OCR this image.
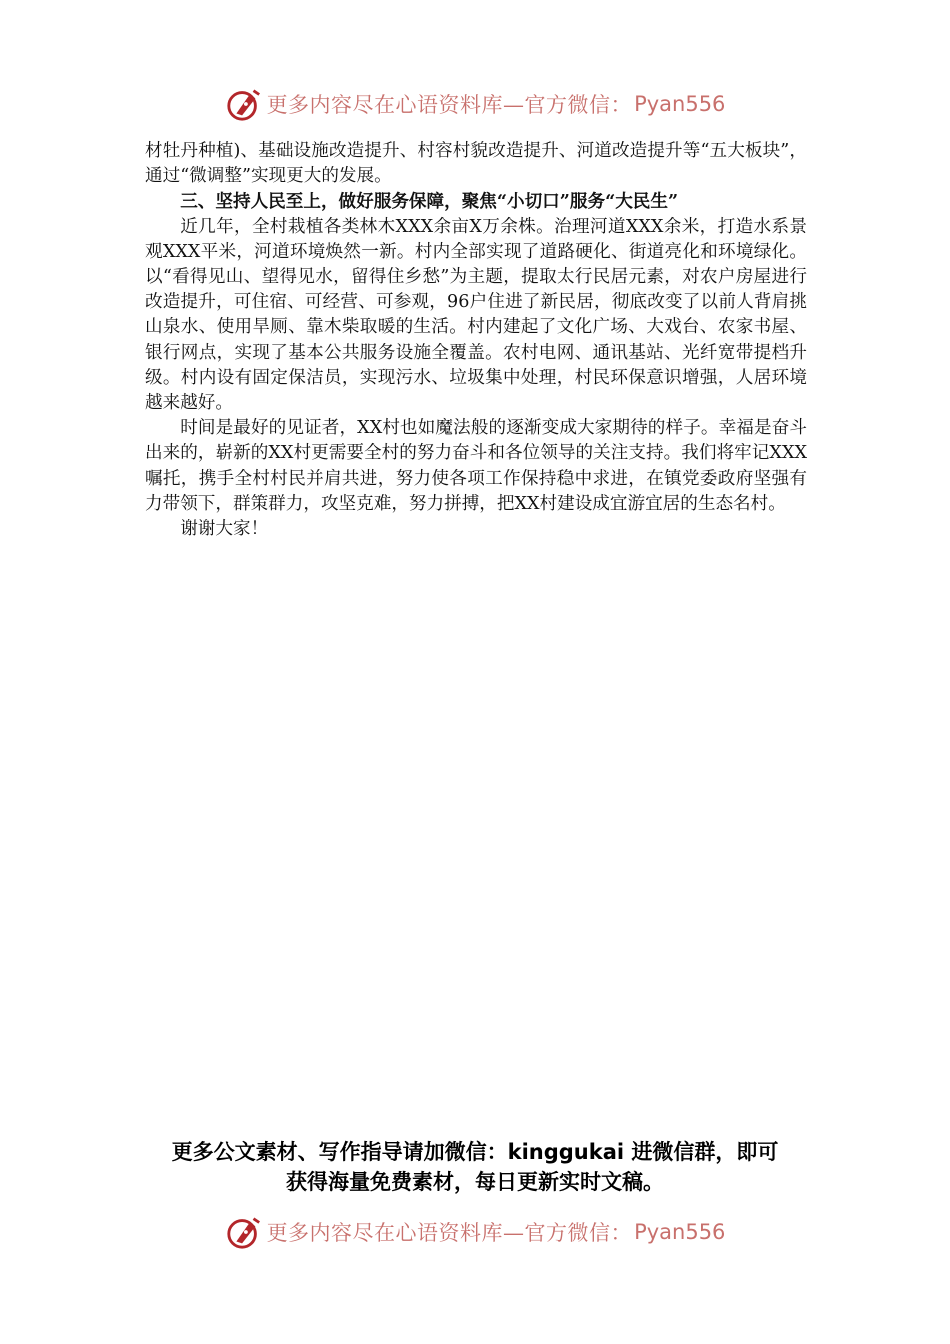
更多内容尽在心语资料库—官方微信： Pyan556

材牡丹种植)、基础设施改造提升、村容村貌改造提升、河道改造提升等“五大板块”，通过“微调整”实现更大的发展。

三、坚持人民至上，做好服务保障，聚焦“小切口”服务“大民生”

近几年，全村栽植各类林木XXX余亩X万余株。治理河道XXX余米，打造水系景观XXX平米，河道环境焕然一新。村内全部实现了道路硬化、街道亮化和环境绿化。以“看得见山、望得见水，留得住乡愁”为主题，提取太行民居元素，对农户房屋进行改造提升，可住宿、可经营、可参观，96户住进了新民居，彻底改变了以前人背肩挑山泉水、使用旱厕、靠木柴取暖的生活。村内建起了文化广场、大戏台、农家书屋、银行网点，实现了基本公共服务设施全覆盖。农村电网、通讯基站、光纤宽带提档升级。村内设有固定保洁员，实现污水、垃圾集中处理，村民环保意识增强，人居环境越来越好。

时间是最好的见证者，XX村也如魔法般的逐渐变成大家期待的样子。幸福是奋斗出来的，崭新的XX村更需要全村的努力奋斗和各位领导的关注支持。我们将牢记XXX嘱托，携手全村村民并肩共进，努力使各项工作保持稳中求进，在镇党委政府坚强有力带领下，群策群力，攻坚克难，努力拼搏，把XX村建设成宜游宜居的生态名村。

谢谢大家！

更多公文素材、写作指导请加微信：kinggukai 进微信群，即可
获得海量免费素材，每日更新实时文稿。
更多内容尽在心语资料库—官方微信： Pyan556
